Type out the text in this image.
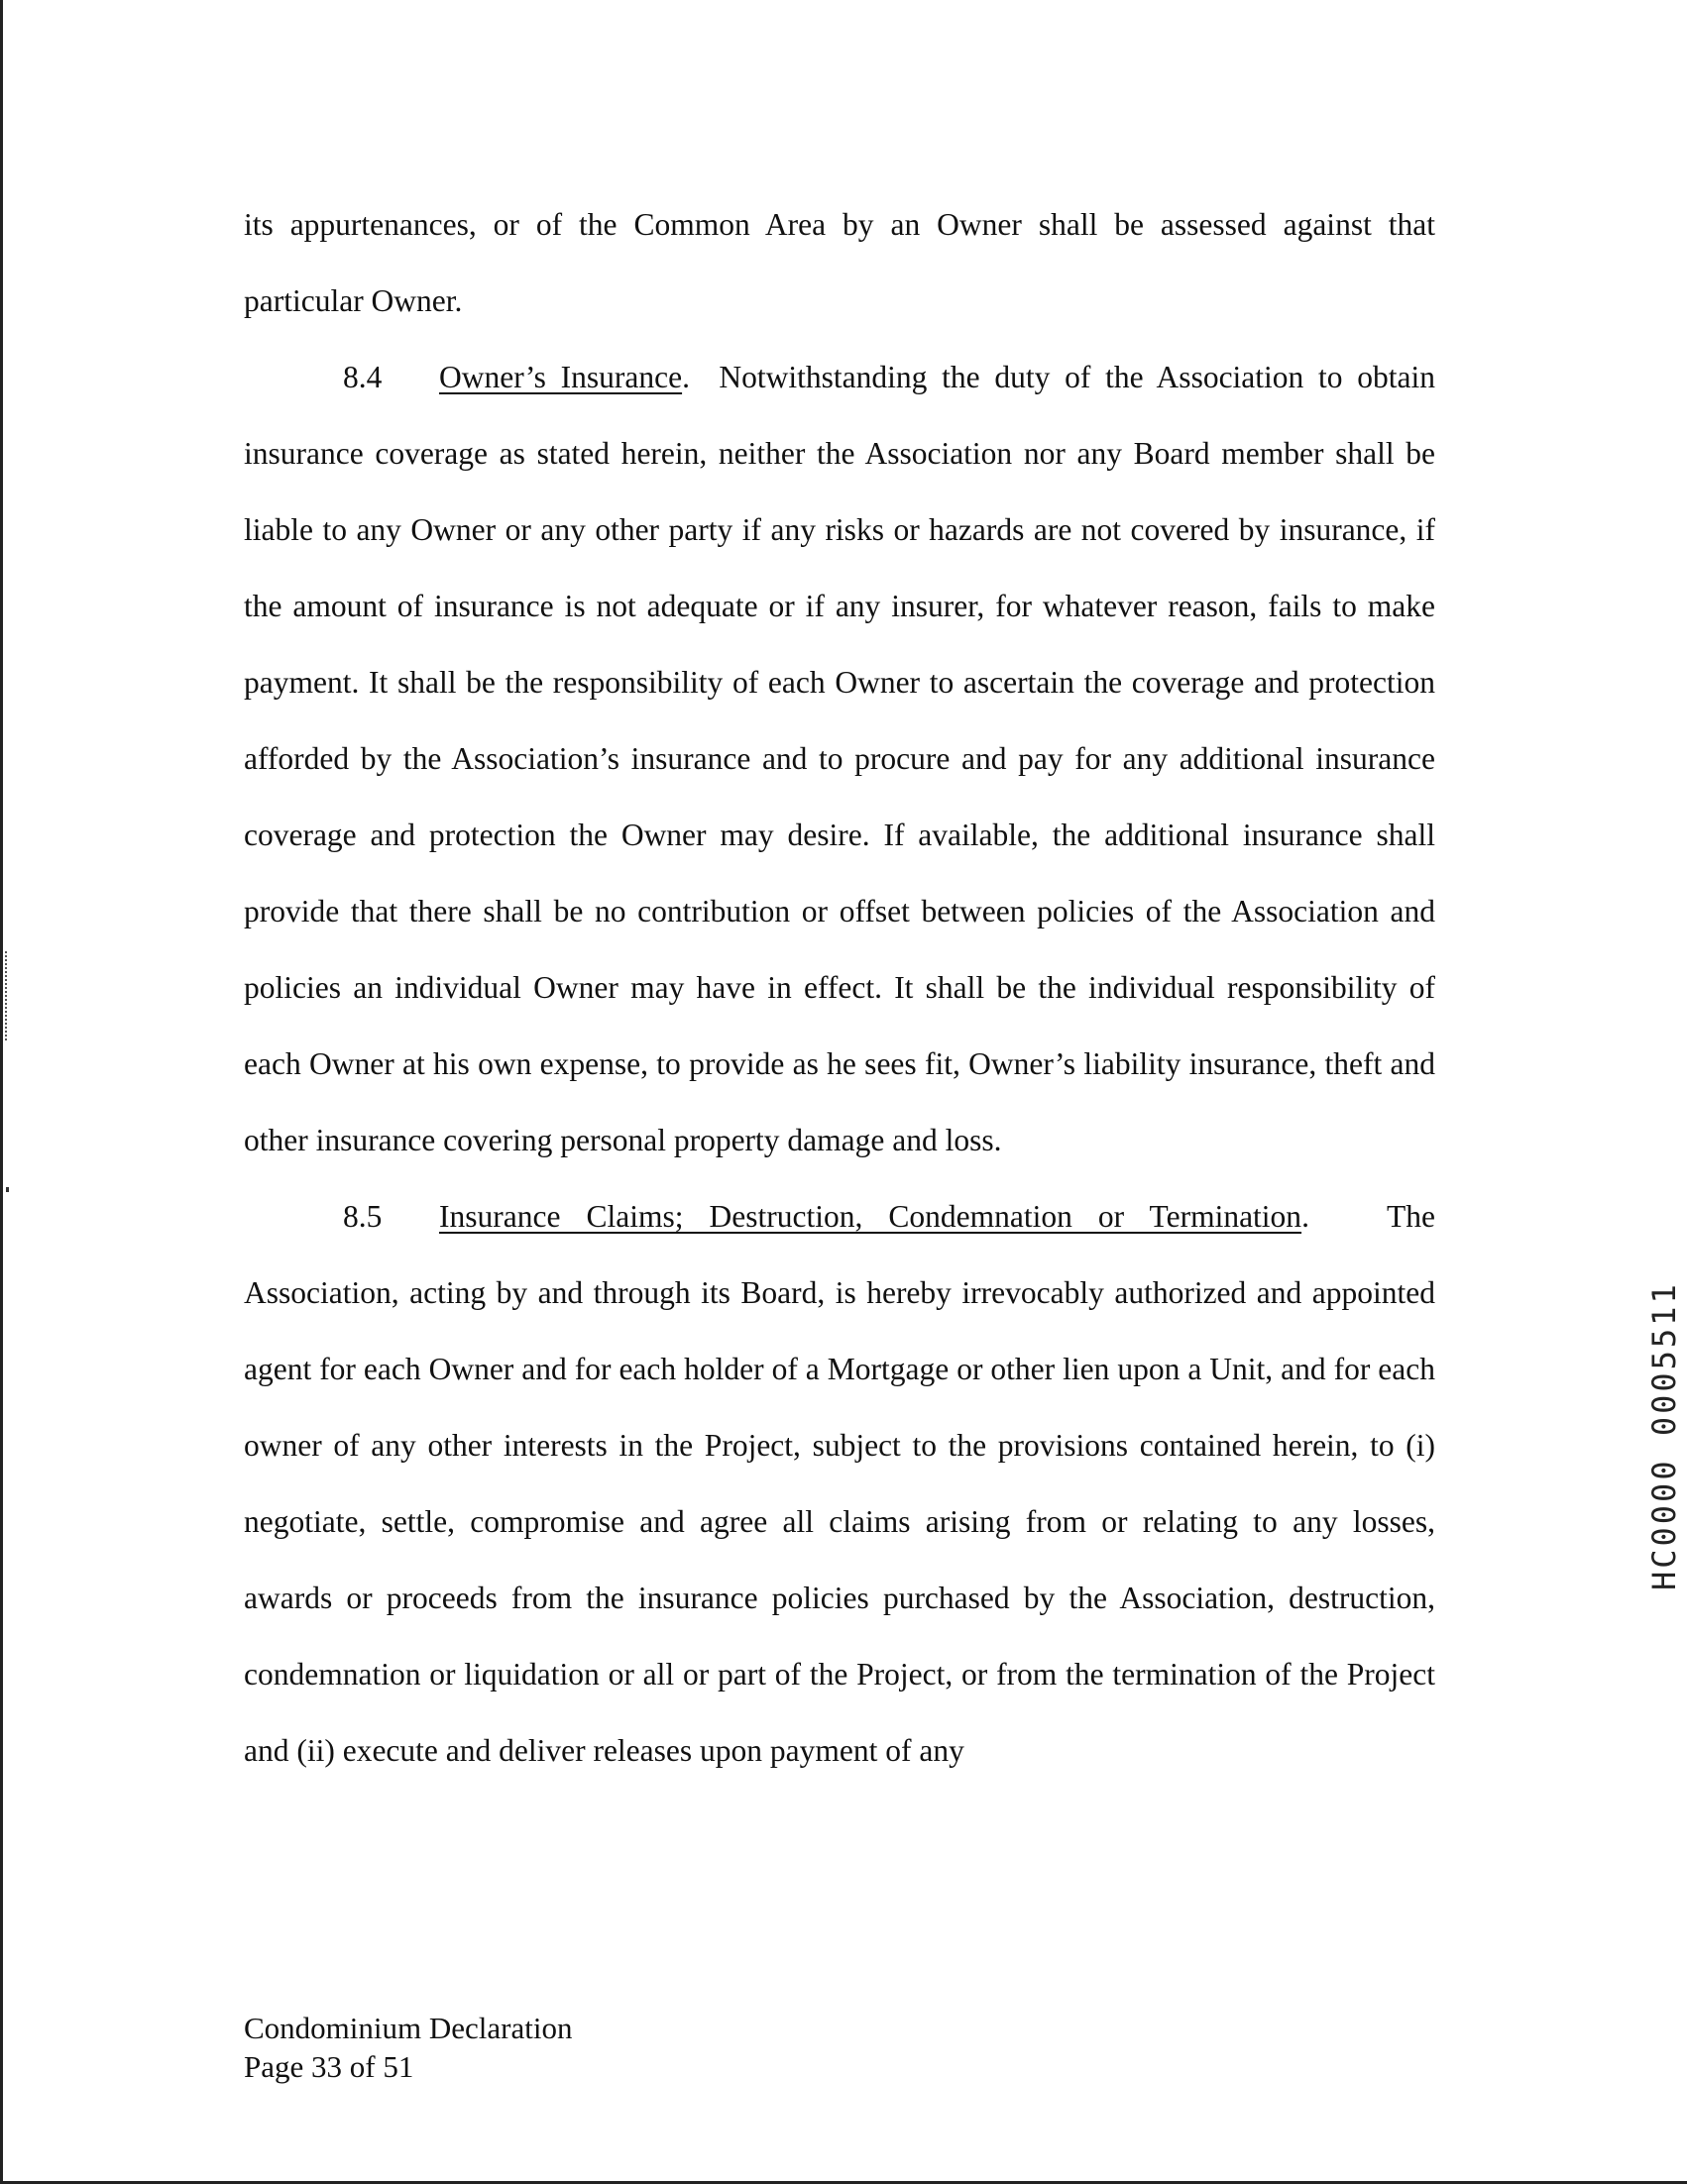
its appurtenances, or of the Common Area by an Owner shall be assessed against that particular Owner.

8.4 Owner’s Insurance. Notwithstanding the duty of the Association to obtain insurance coverage as stated herein, neither the Association nor any Board member shall be liable to any Owner or any other party if any risks or hazards are not covered by insurance, if the amount of insurance is not adequate or if any insurer, for whatever reason, fails to make payment. It shall be the responsibility of each Owner to ascertain the coverage and protection afforded by the Association’s insurance and to procure and pay for any additional insurance coverage and protection the Owner may desire. If available, the additional insurance shall provide that there shall be no contribution or offset between policies of the Association and policies an individual Owner may have in effect. It shall be the individual responsibility of each Owner at his own expense, to provide as he sees fit, Owner’s liability insurance, theft and other insurance covering personal property damage and loss.

8.5 Insurance Claims; Destruction, Condemnation or Termination. The Association, acting by and through its Board, is hereby irrevocably authorized and appointed agent for each Owner and for each holder of a Mortgage or other lien upon a Unit, and for each owner of any other interests in the Project, subject to the provisions contained herein, to (i) negotiate, settle, compromise and agree all claims arising from or relating to any losses, awards or proceeds from the insurance policies purchased by the Association, destruction, condemnation or liquidation or all or part of the Project, or from the termination of the Project and (ii) execute and deliver releases upon payment of any

Condominium Declaration
Page 33 of 51
HC0000 0005511
